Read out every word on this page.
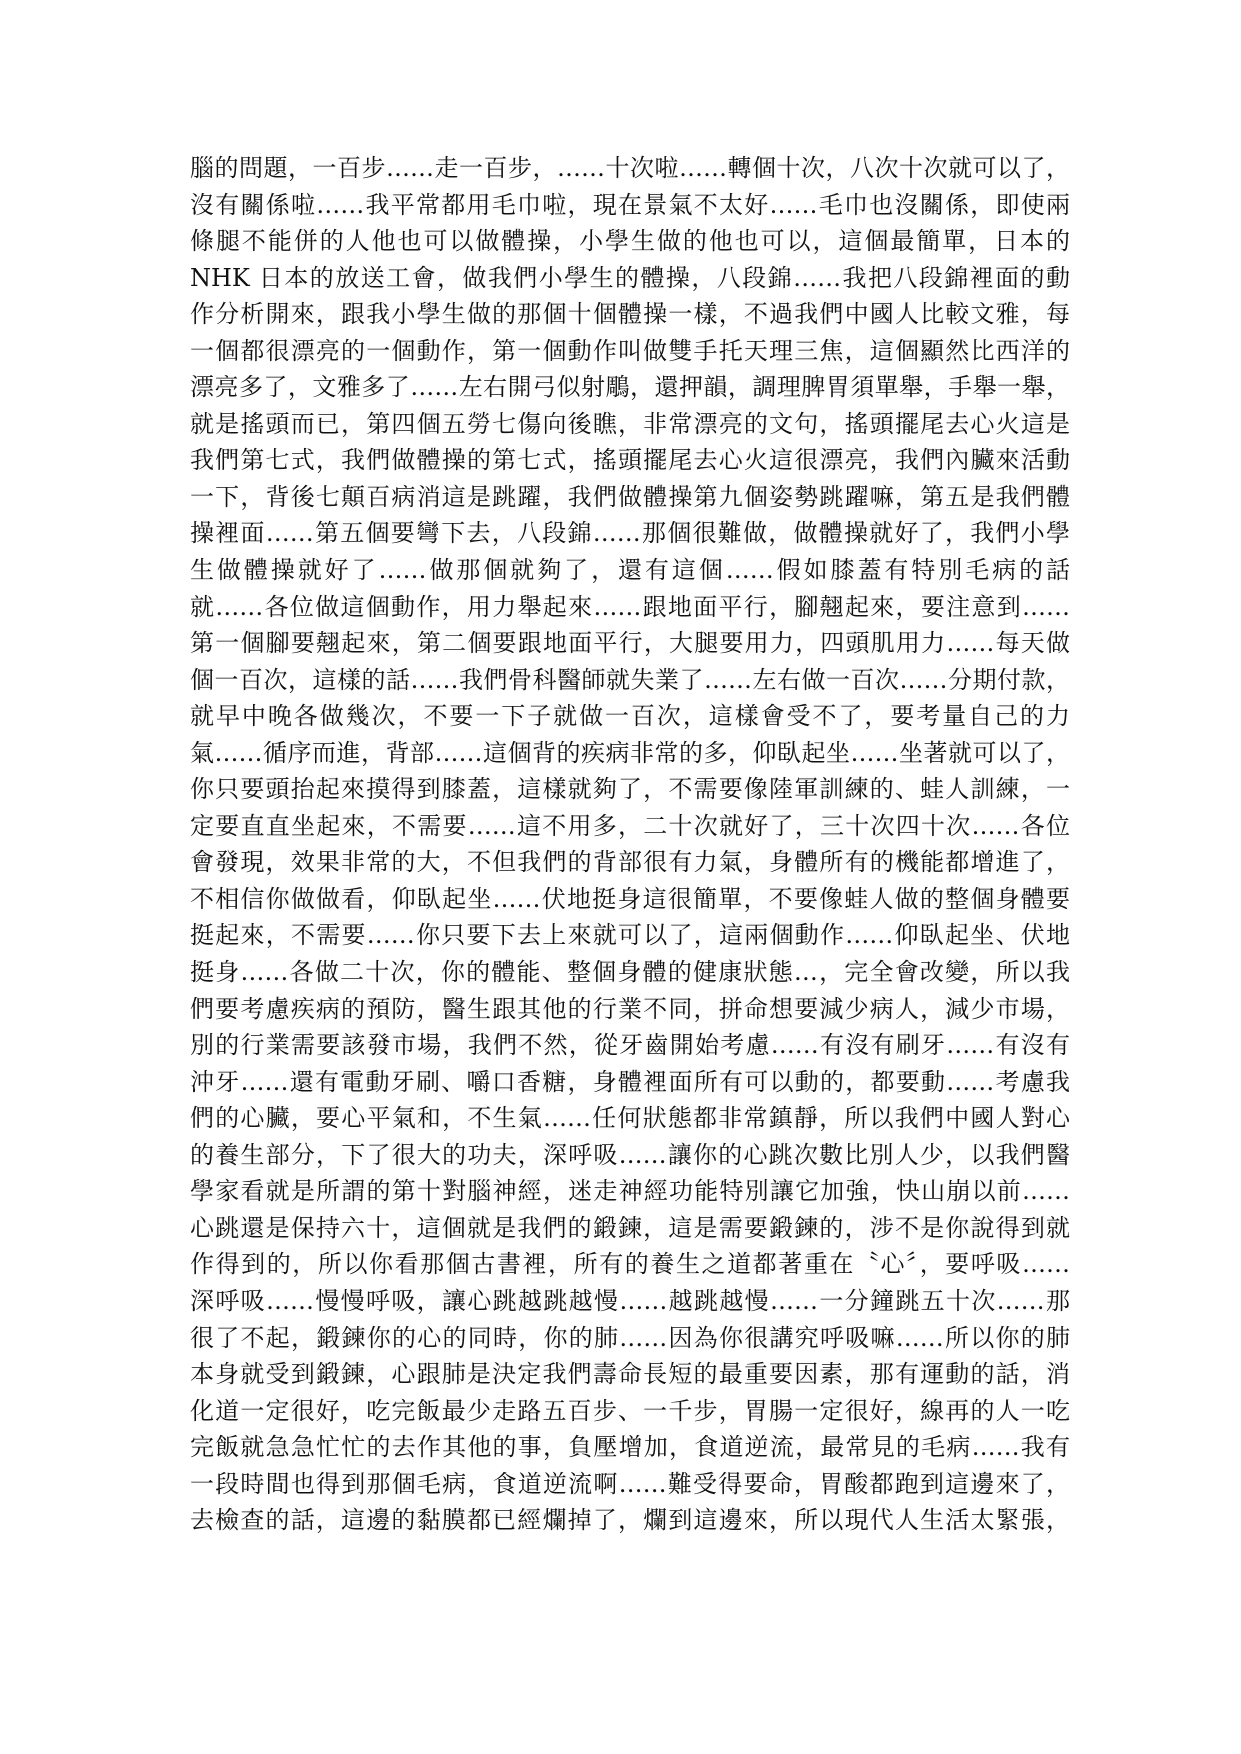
腦的問題，一百步……走一百步，……十次啦……轉個十次，八次十次就可以了，
沒有關係啦……我平常都用毛巾啦，現在景氣不太好……毛巾也沒關係，即使兩
條腿不能併的人他也可以做體操，小學生做的他也可以，這個最簡單，日本的
NHK 日本的放送工會，做我們小學生的體操，八段錦……我把八段錦裡面的動
作分析開來，跟我小學生做的那個十個體操一樣，不過我們中國人比較文雅，每
一個都很漂亮的一個動作，第一個動作叫做雙手托天理三焦，這個顯然比西洋的
漂亮多了，文雅多了……左右開弓似射鵰，還押韻，調理脾胃須單舉，手舉一舉，
就是搖頭而已，第四個五勞七傷向後瞧，非常漂亮的文句，搖頭擺尾去心火這是
我們第七式，我們做體操的第七式，搖頭擺尾去心火這很漂亮，我們內臟來活動
一下，背後七顛百病消這是跳躍，我們做體操第九個姿勢跳躍嘛，第五是我們體
操裡面……第五個要彎下去，八段錦……那個很難做，做體操就好了，我們小學
生做體操就好了……做那個就夠了，還有這個……假如膝蓋有特別毛病的話
就……各位做這個動作，用力舉起來……跟地面平行，腳翹起來，要注意到……
第一個腳要翹起來，第二個要跟地面平行，大腿要用力，四頭肌用力……每天做
個一百次，這樣的話……我們骨科醫師就失業了……左右做一百次……分期付款，
就早中晚各做幾次，不要一下子就做一百次，這樣會受不了，要考量自己的力
氣……循序而進，背部……這個背的疾病非常的多，仰臥起坐……坐著就可以了，
你只要頭抬起來摸得到膝蓋，這樣就夠了，不需要像陸軍訓練的、蛙人訓練，一
定要直直坐起來，不需要……這不用多，二十次就好了，三十次四十次……各位
會發現，效果非常的大，不但我們的背部很有力氣，身體所有的機能都增進了，
不相信你做做看，仰臥起坐……伏地挺身這很簡單，不要像蛙人做的整個身體要
挺起來，不需要……你只要下去上來就可以了，這兩個動作……仰臥起坐、伏地
挺身……各做二十次，你的體能、整個身體的健康狀態…，完全會改變，所以我
們要考慮疾病的預防，醫生跟其他的行業不同，拼命想要減少病人，減少市場，
別的行業需要該發市場，我們不然，從牙齒開始考慮……有沒有刷牙……有沒有
沖牙……還有電動牙刷、嚼口香糖，身體裡面所有可以動的，都要動……考慮我
們的心臟，要心平氣和，不生氣……任何狀態都非常鎮靜，所以我們中國人對心
的養生部分，下了很大的功夫，深呼吸……讓你的心跳次數比別人少，以我們醫
學家看就是所謂的第十對腦神經，迷走神經功能特別讓它加強，快山崩以前……
心跳還是保持六十，這個就是我們的鍛鍊，這是需要鍛鍊的，涉不是你說得到就
作得到的，所以你看那個古書裡，所有的養生之道都著重在〝心〞，要呼吸……
深呼吸……慢慢呼吸，讓心跳越跳越慢……越跳越慢……一分鐘跳五十次……那
很了不起，鍛鍊你的心的同時，你的肺……因為你很講究呼吸嘛……所以你的肺
本身就受到鍛鍊，心跟肺是決定我們壽命長短的最重要因素，那有運動的話，消
化道一定很好，吃完飯最少走路五百步、一千步，胃腸一定很好，線再的人一吃
完飯就急急忙忙的去作其他的事，負壓增加，食道逆流，最常見的毛病……我有
一段時間也得到那個毛病，食道逆流啊……難受得要命，胃酸都跑到這邊來了，
去檢查的話，這邊的黏膜都已經爛掉了，爛到這邊來，所以現代人生活太緊張，
